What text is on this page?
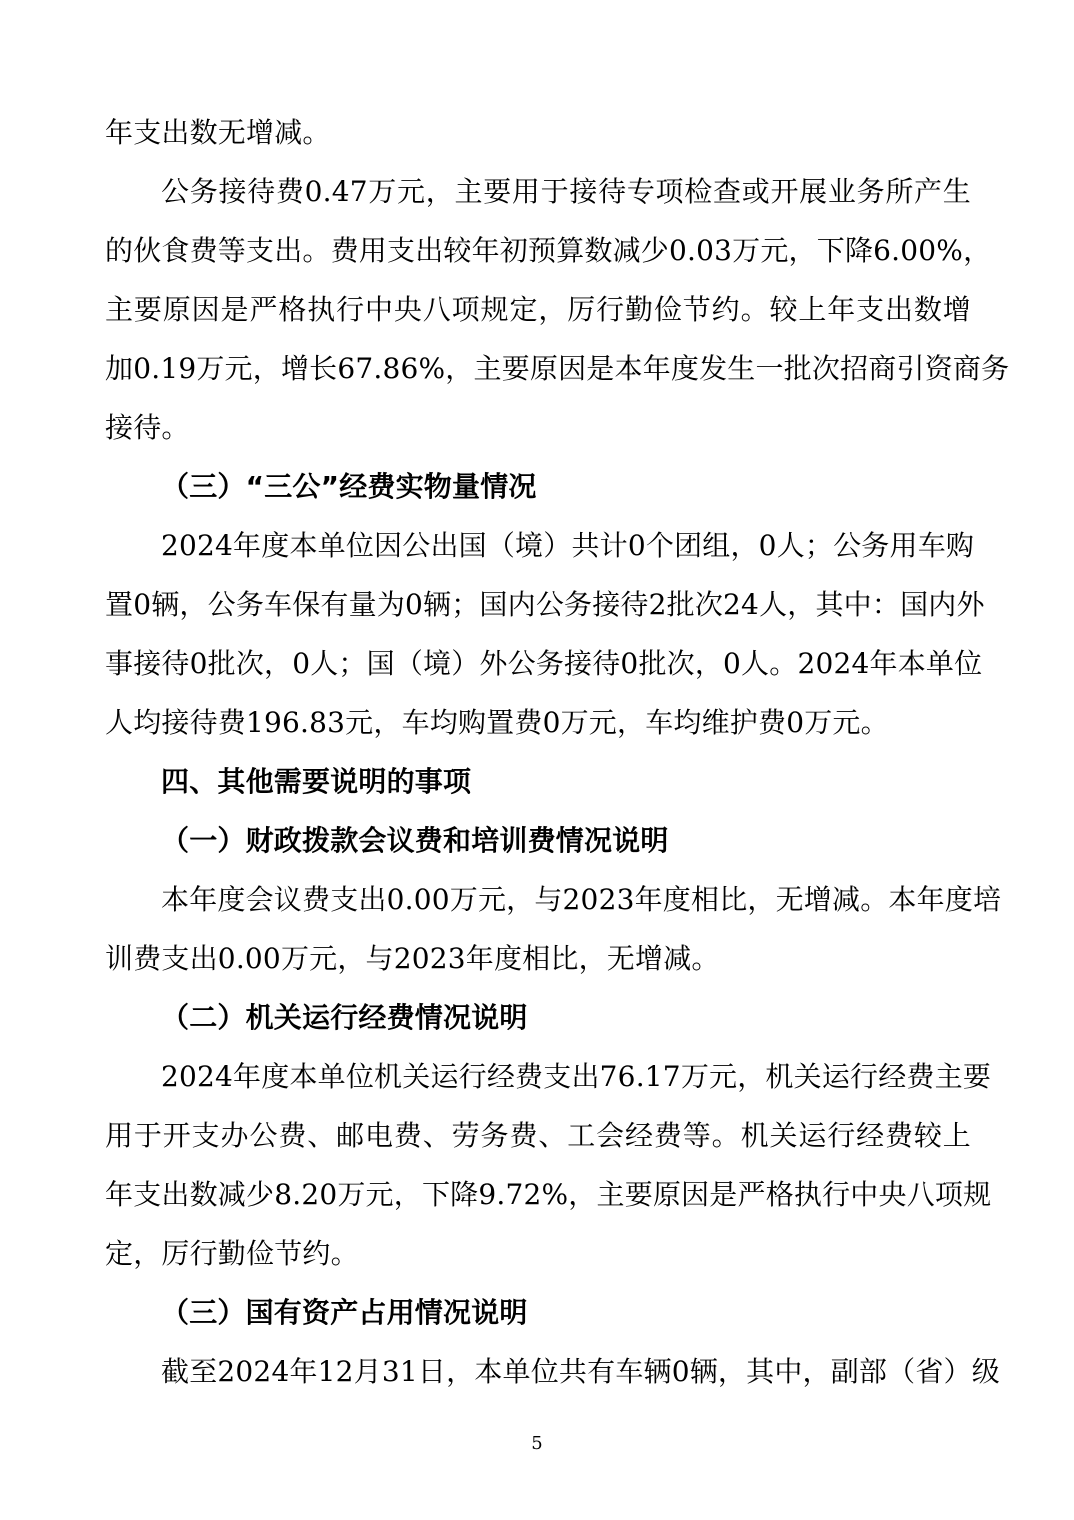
年支出数无增减。
公务接待费0.47万元，主要用于接待专项检查或开展业务所产生
的伙食费等支出。费用支出较年初预算数减少0.03万元，下降6.00%，
主要原因是严格执行中央八项规定，厉行勤俭节约。较上年支出数增
加0.19万元，增长67.86%，主要原因是本年度发生一批次招商引资商务
接待。
（三）“三公”经费实物量情况
2024年度本单位因公出国（境）共计0个团组，0人；公务用车购
置0辆，公务车保有量为0辆；国内公务接待2批次24人，其中：国内外
事接待0批次，0人；国（境）外公务接待0批次，0人。2024年本单位
人均接待费196.83元，车均购置费0万元，车均维护费0万元。
四、其他需要说明的事项
（一）财政拨款会议费和培训费情况说明
本年度会议费支出0.00万元，与2023年度相比，无增减。本年度培
训费支出0.00万元，与2023年度相比，无增减。
（二）机关运行经费情况说明
2024年度本单位机关运行经费支出76.17万元，机关运行经费主要
用于开支办公费、邮电费、劳务费、工会经费等。机关运行经费较上
年支出数减少8.20万元，下降9.72%，主要原因是严格执行中央八项规
定，厉行勤俭节约。
（三）国有资产占用情况说明
截至2024年12月31日，本单位共有车辆0辆，其中，副部（省）级
5
